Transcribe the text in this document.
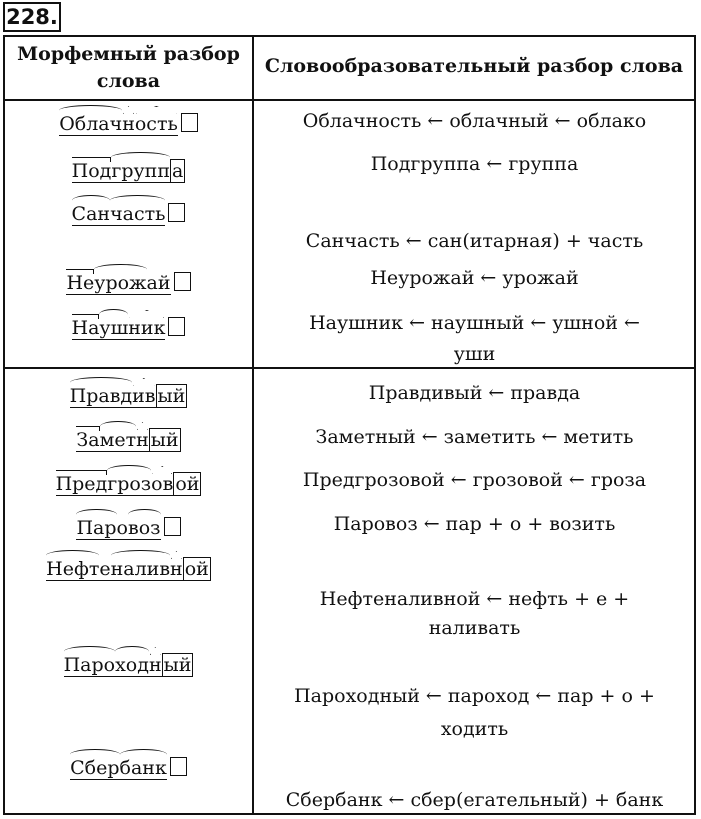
228.
Морфемный разбор
слова
Словообразовательный разбор слова
Облачность
Подгрупп а
Санчасть
Неурожай
Наушник
Правдив ый
Заметн ый
Предгрозов ой
Паровоз
Нефтеналивн ой
Пароходн ый
Сбербанк
Облачность ← облачный ← облако
Подгруппа ← группа
Санчасть ← сан(итарная) + часть
Неурожай ← урожай
Наушник ← наушный ← ушной ←
уши
Правдивый ← правда
Заметный ← заметить ← метить
Предгрозовой ← грозовой ← гроза
Паровоз ← пар + о + возить
Нефтеналивной ← нефть + е +
наливать
Пароходный ← пароход ← пар + о +
ходить
Сбербанк ← сбер(егательный) + банк
